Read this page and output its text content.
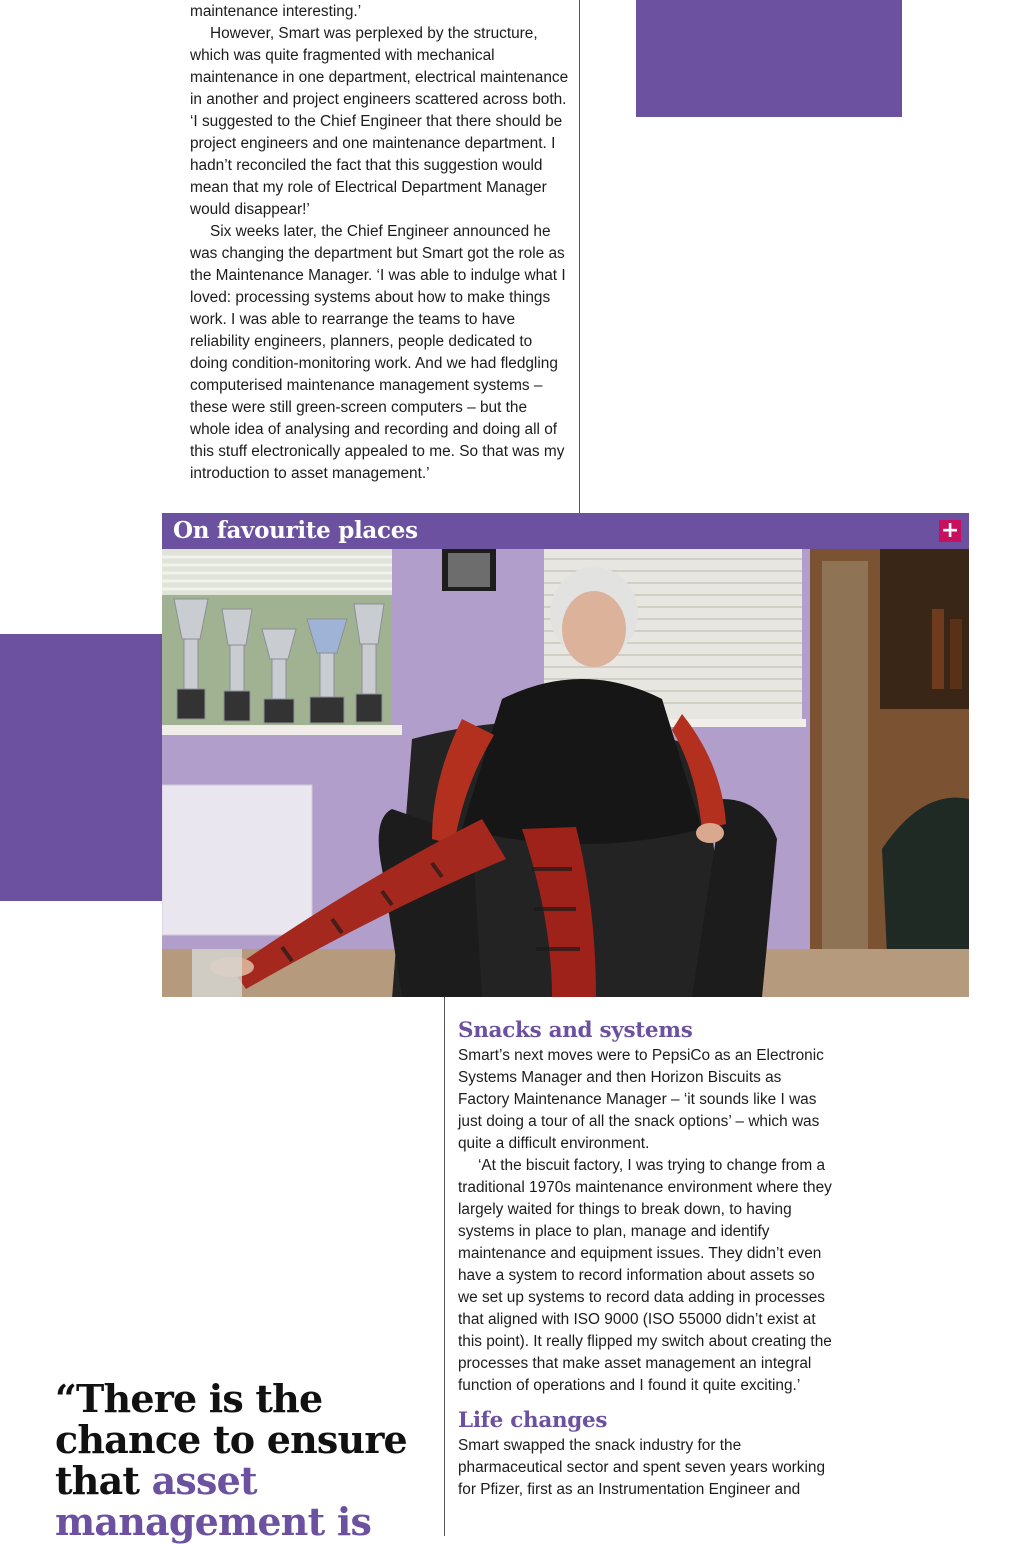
maintenance interesting.’

However, Smart was perplexed by the structure, which was quite fragmented with mechanical maintenance in one department, electrical maintenance in another and project engineers scattered across both. ‘I suggested to the Chief Engineer that there should be project engineers and one maintenance department. I hadn’t reconciled the fact that this suggestion would mean that my role of Electrical Department Manager would disappear!’

Six weeks later, the Chief Engineer announced he was changing the department but Smart got the role as the Maintenance Manager. ‘I was able to indulge what I loved: processing systems about how to make things work. I was able to rearrange the teams to have reliability engineers, planners, people dedicated to doing condition-monitoring work. And we had fledgling computerised maintenance management systems – these were still green-screen computers – but the whole idea of analysing and recording and doing all of this stuff electronically appealed to me. So that was my introduction to asset management.’

On favourite places	+
Snacks and systems

Smart’s next moves were to PepsiCo as an Electronic Systems Manager and then Horizon Biscuits as Factory Maintenance Manager – ‘it sounds like I was just doing a tour of all the snack options’ – which was quite a difficult environment.

‘At the biscuit factory, I was trying to change from a traditional 1970s maintenance environment where they largely waited for things to break down, to having systems in place to plan, manage and identify maintenance and equipment issues. They didn’t even have a system to record information about assets so we set up systems to record data adding in processes that aligned with ISO 9000 (ISO 55000 didn’t exist at this point). It really flipped my switch about creating the processes that make asset management an integral function of operations and I found it quite exciting.’

Life changes

Smart swapped the snack industry for the pharmaceutical sector and spent seven years working for Pfizer, first as an Instrumentation Engineer and

“There is the chance to ensure that asset management is
